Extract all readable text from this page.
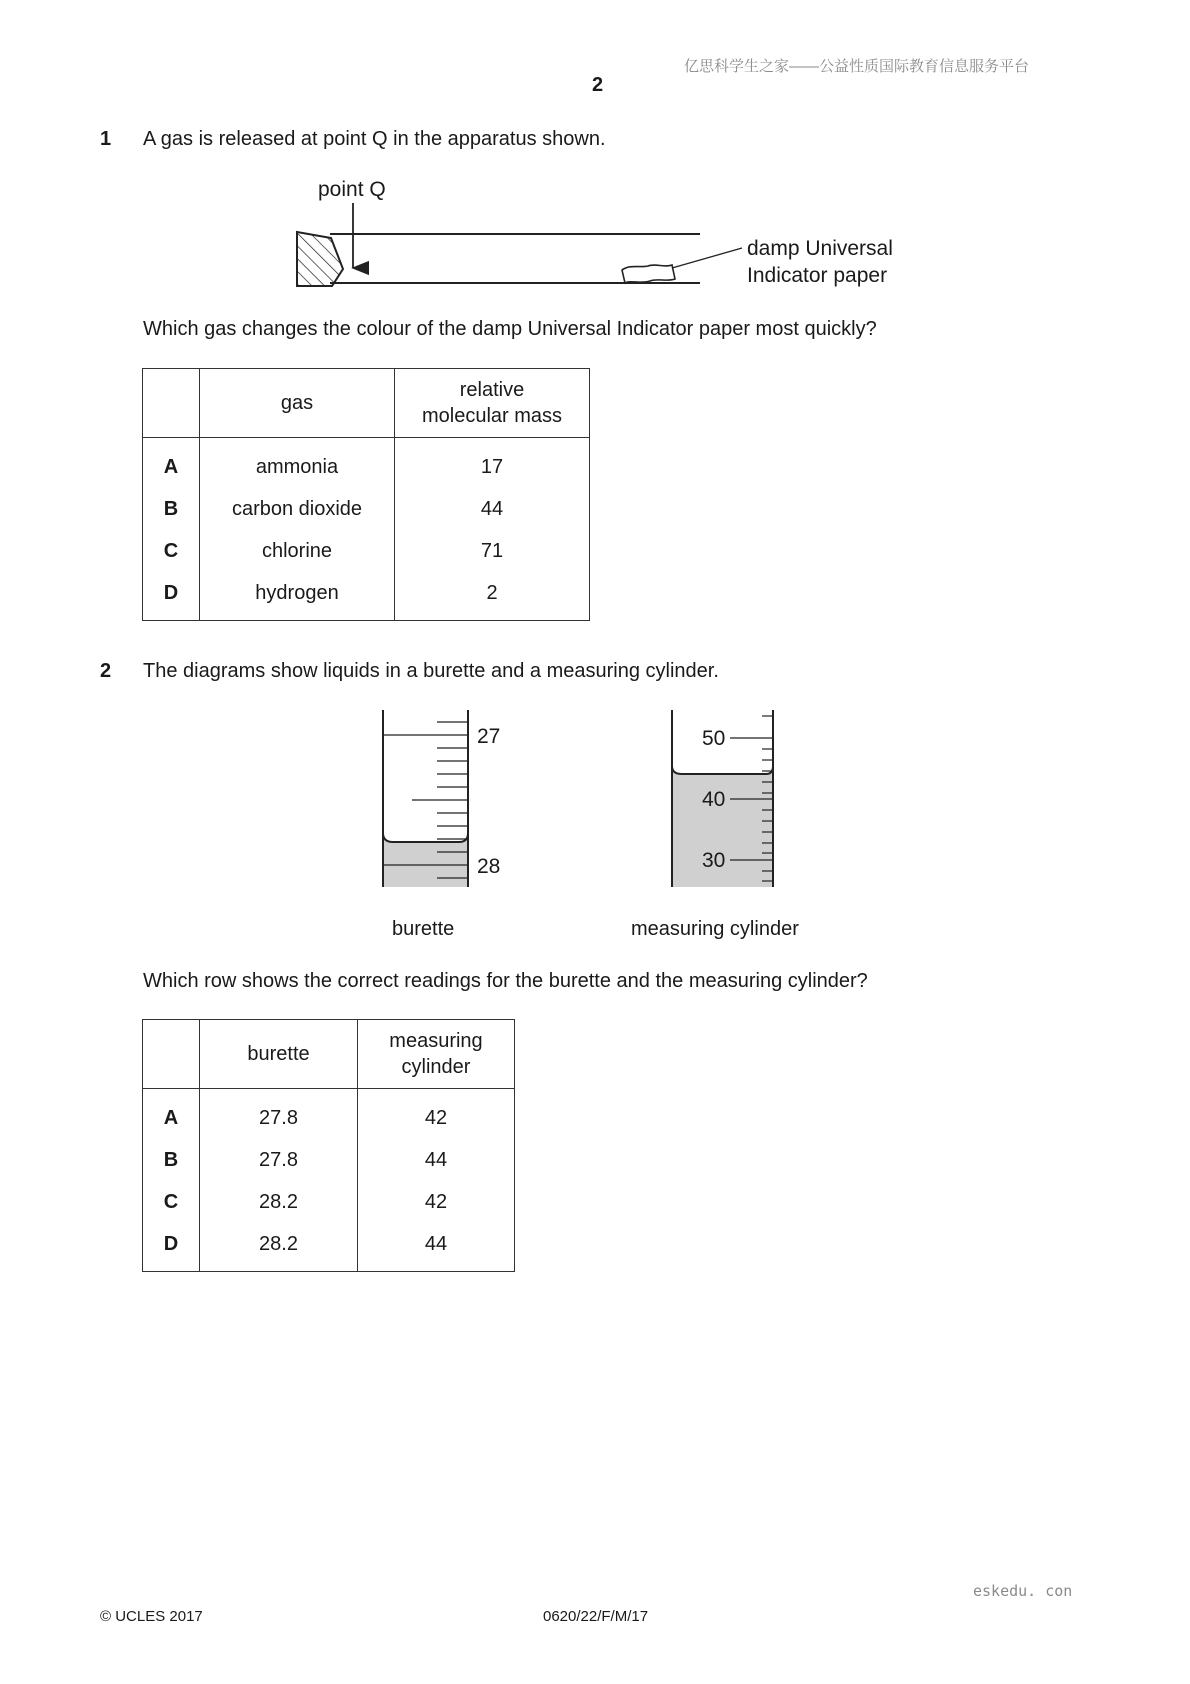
亿思科学生之家——公益性质国际教育信息服务平台
2
1 A gas is released at point Q in the apparatus shown.
point Q
damp Universal
Indicator paper
Which gas changes the colour of the damp Universal Indicator paper most quickly?
	gas	relative
molecular mass
A	ammonia	17
B	carbon dioxide	44
C	chlorine	71
D	hydrogen	2
2 The diagrams show liquids in a burette and a measuring cylinder.
27
28
50
40
30
burette	measuring cylinder
Which row shows the correct readings for the burette and the measuring cylinder?
	burette	measuring
cylinder
A	27.8	42
B	27.8	44
C	28.2	42
D	28.2	44
eskedu. con
© UCLES 2017	0620/22/F/M/17
